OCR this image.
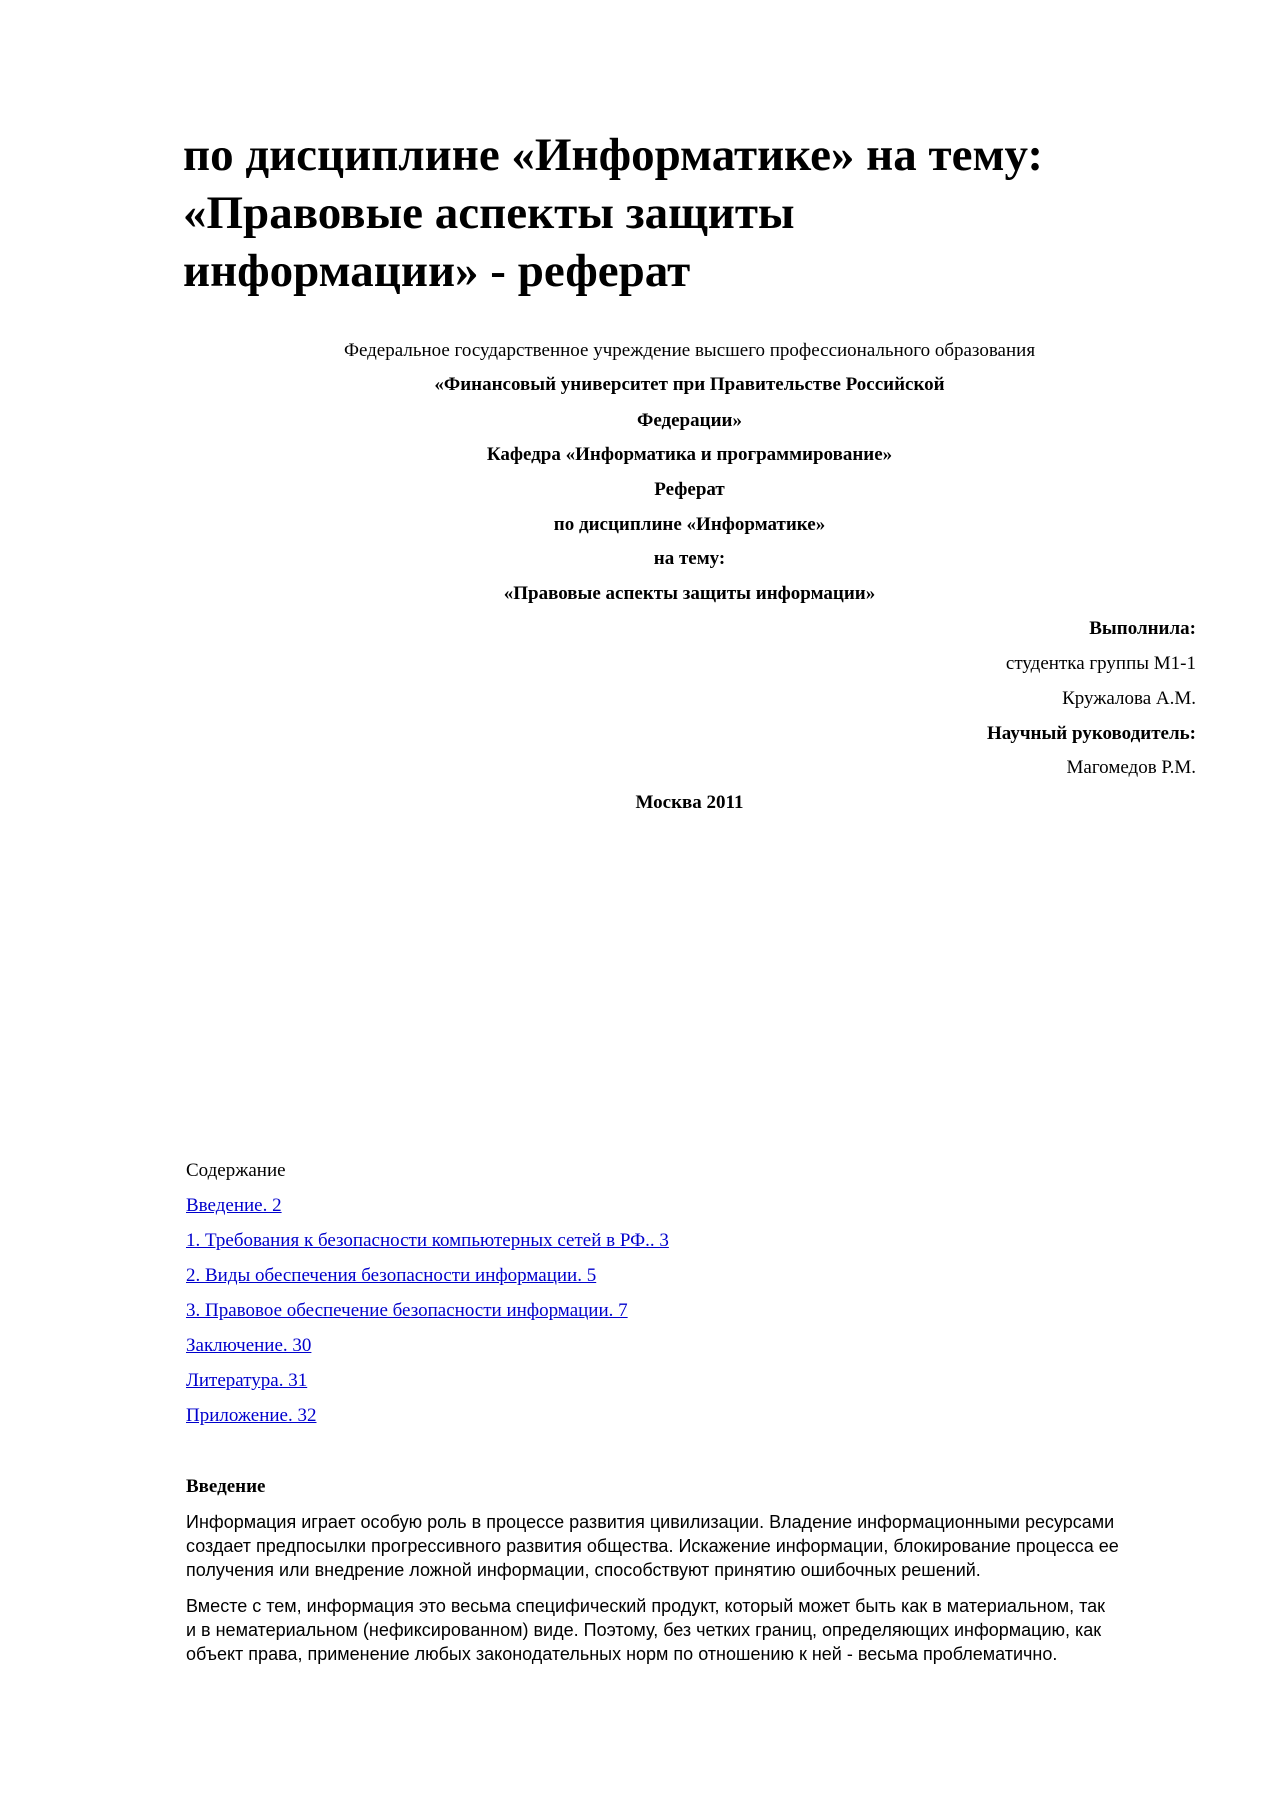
по дисциплине «Информатике» на тему:
«Правовые аспекты защиты
информации» - реферат
Федеральное государственное учреждение высшего профессионального образования
«Финансовый университет при Правительстве Российской
Федерации»
Кафедра «Информатика и программирование»
Реферат
по дисциплине «Информатике»
на тему:
«Правовые аспекты защиты информации»
Выполнила:
студентка группы М1-1
Кружалова А.М.
Научный руководитель:
Магомедов Р.М.
Москва 2011
Содержание
Введение. 2
1. Требования к безопасности компьютерных сетей в РФ.. 3
2. Виды обеспечения безопасности информации. 5
3. Правовое обеспечение безопасности информации. 7
Заключение. 30
Литература. 31
Приложение. 32
Введение
Информация играет особую роль в процессе развития цивилизации. Владение информационными ресурсами
создает предпосылки прогрессивного развития общества. Искажение информации, блокирование процесса ее
получения или внедрение ложной информации, способствуют принятию ошибочных решений.
Вместе с тем, информация это весьма специфический продукт, который может быть как в материальном, так
и в нематериальном (нефиксированном) виде. Поэтому, без четких границ, определяющих информацию, как
объект права, применение любых законодательных норм по отношению к ней - весьма проблематично.
